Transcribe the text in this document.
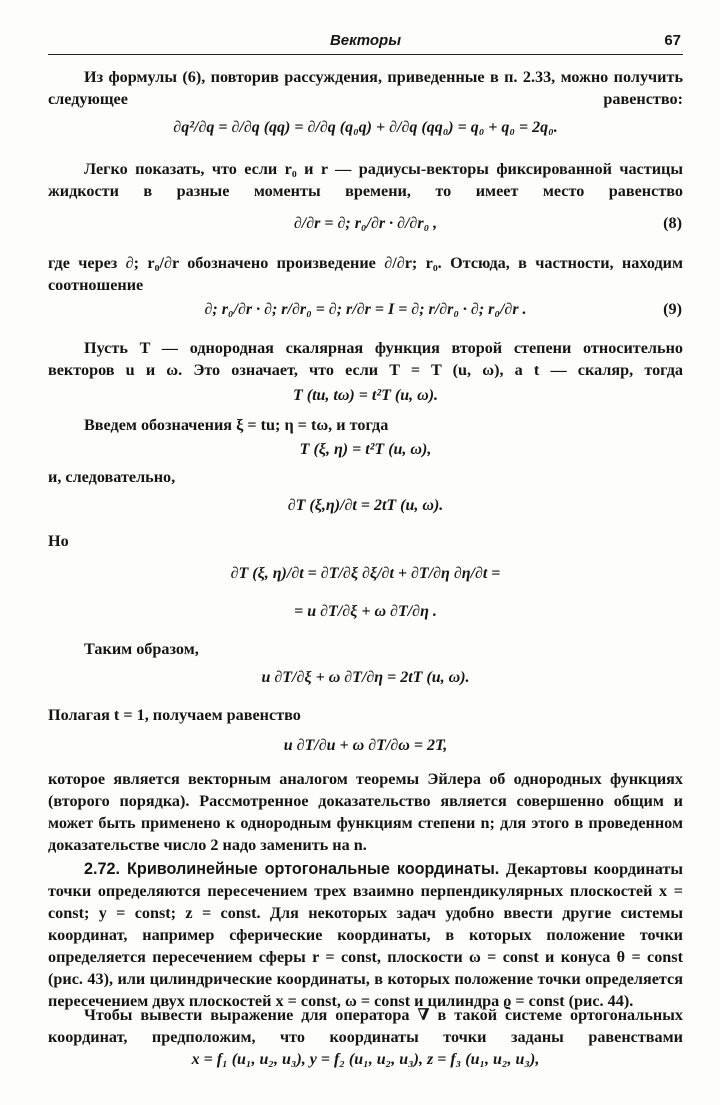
Векторы	67
Из формулы (6), повторив рассуждения, приведенные в п. 2.33, можно получить следующее равенство:
∂q²/∂q = ∂/∂q (qq) = ∂/∂q (q₀q) + ∂/∂q (qq₀) = q₀ + q₀ = 2q₀.
Легко показать, что если r₀ и r — радиусы-векторы фиксированной частицы жидкости в разные моменты времени, то имеет место равенство
∂/∂r = ∂; r₀/∂r · ∂/∂r₀ ,	(8)
где через ∂; r₀/∂r обозначено произведение ∂/∂r; r₀. Отсюда, в частности, находим соотношение
∂; r₀/∂r · ∂; r/∂r₀ = ∂; r/∂r = I = ∂; r/∂r₀ · ∂; r₀/∂r .	(9)
Пусть T — однородная скалярная функция второй степени относительно векторов u и ω. Это означает, что если T = T (u, ω), а t — скаляр, тогда
T (tu, tω) = t²T (u, ω).
Введем обозначения ξ = tu; η = tω, и тогда
T (ξ, η) = t²T (u, ω),
и, следовательно,
∂T (ξ,η)/∂t = 2tT (u, ω).
Но
∂T (ξ, η)/∂t = ∂T/∂ξ ∂ξ/∂t + ∂T/∂η ∂η/∂t =
= u ∂T/∂ξ + ω ∂T/∂η .
Таким образом,
u ∂T/∂ξ + ω ∂T/∂η = 2tT (u, ω).
Полагая t = 1, получаем равенство
u ∂T/∂u + ω ∂T/∂ω = 2T,
которое является векторным аналогом теоремы Эйлера об однородных функциях (второго порядка). Рассмотренное доказательство является совершенно общим и может быть применено к однородным функциям степени n; для этого в проведенном доказательстве число 2 надо заменить на n.
2.72. Криволинейные ортогональные координаты. Декартовы координаты точки определяются пересечением трех взаимно перпендикулярных плоскостей x = const; y = const; z = const. Для некоторых задач удобно ввести другие системы координат, например сферические координаты, в которых положение точки определяется пересечением сферы r = const, плоскости ω = const и конуса θ = const (рис. 43), или цилиндрические координаты, в которых положение точки определяется пересечением двух плоскостей x = const, ω = const и цилиндра ϱ = const (рис. 44).
Чтобы вывести выражение для оператора ∇ в такой системе ортогональных координат, предположим, что координаты точки заданы равенствами
x = f₁ (u₁, u₂, u₃), y = f₂ (u₁, u₂, u₃), z = f₃ (u₁, u₂, u₃),
